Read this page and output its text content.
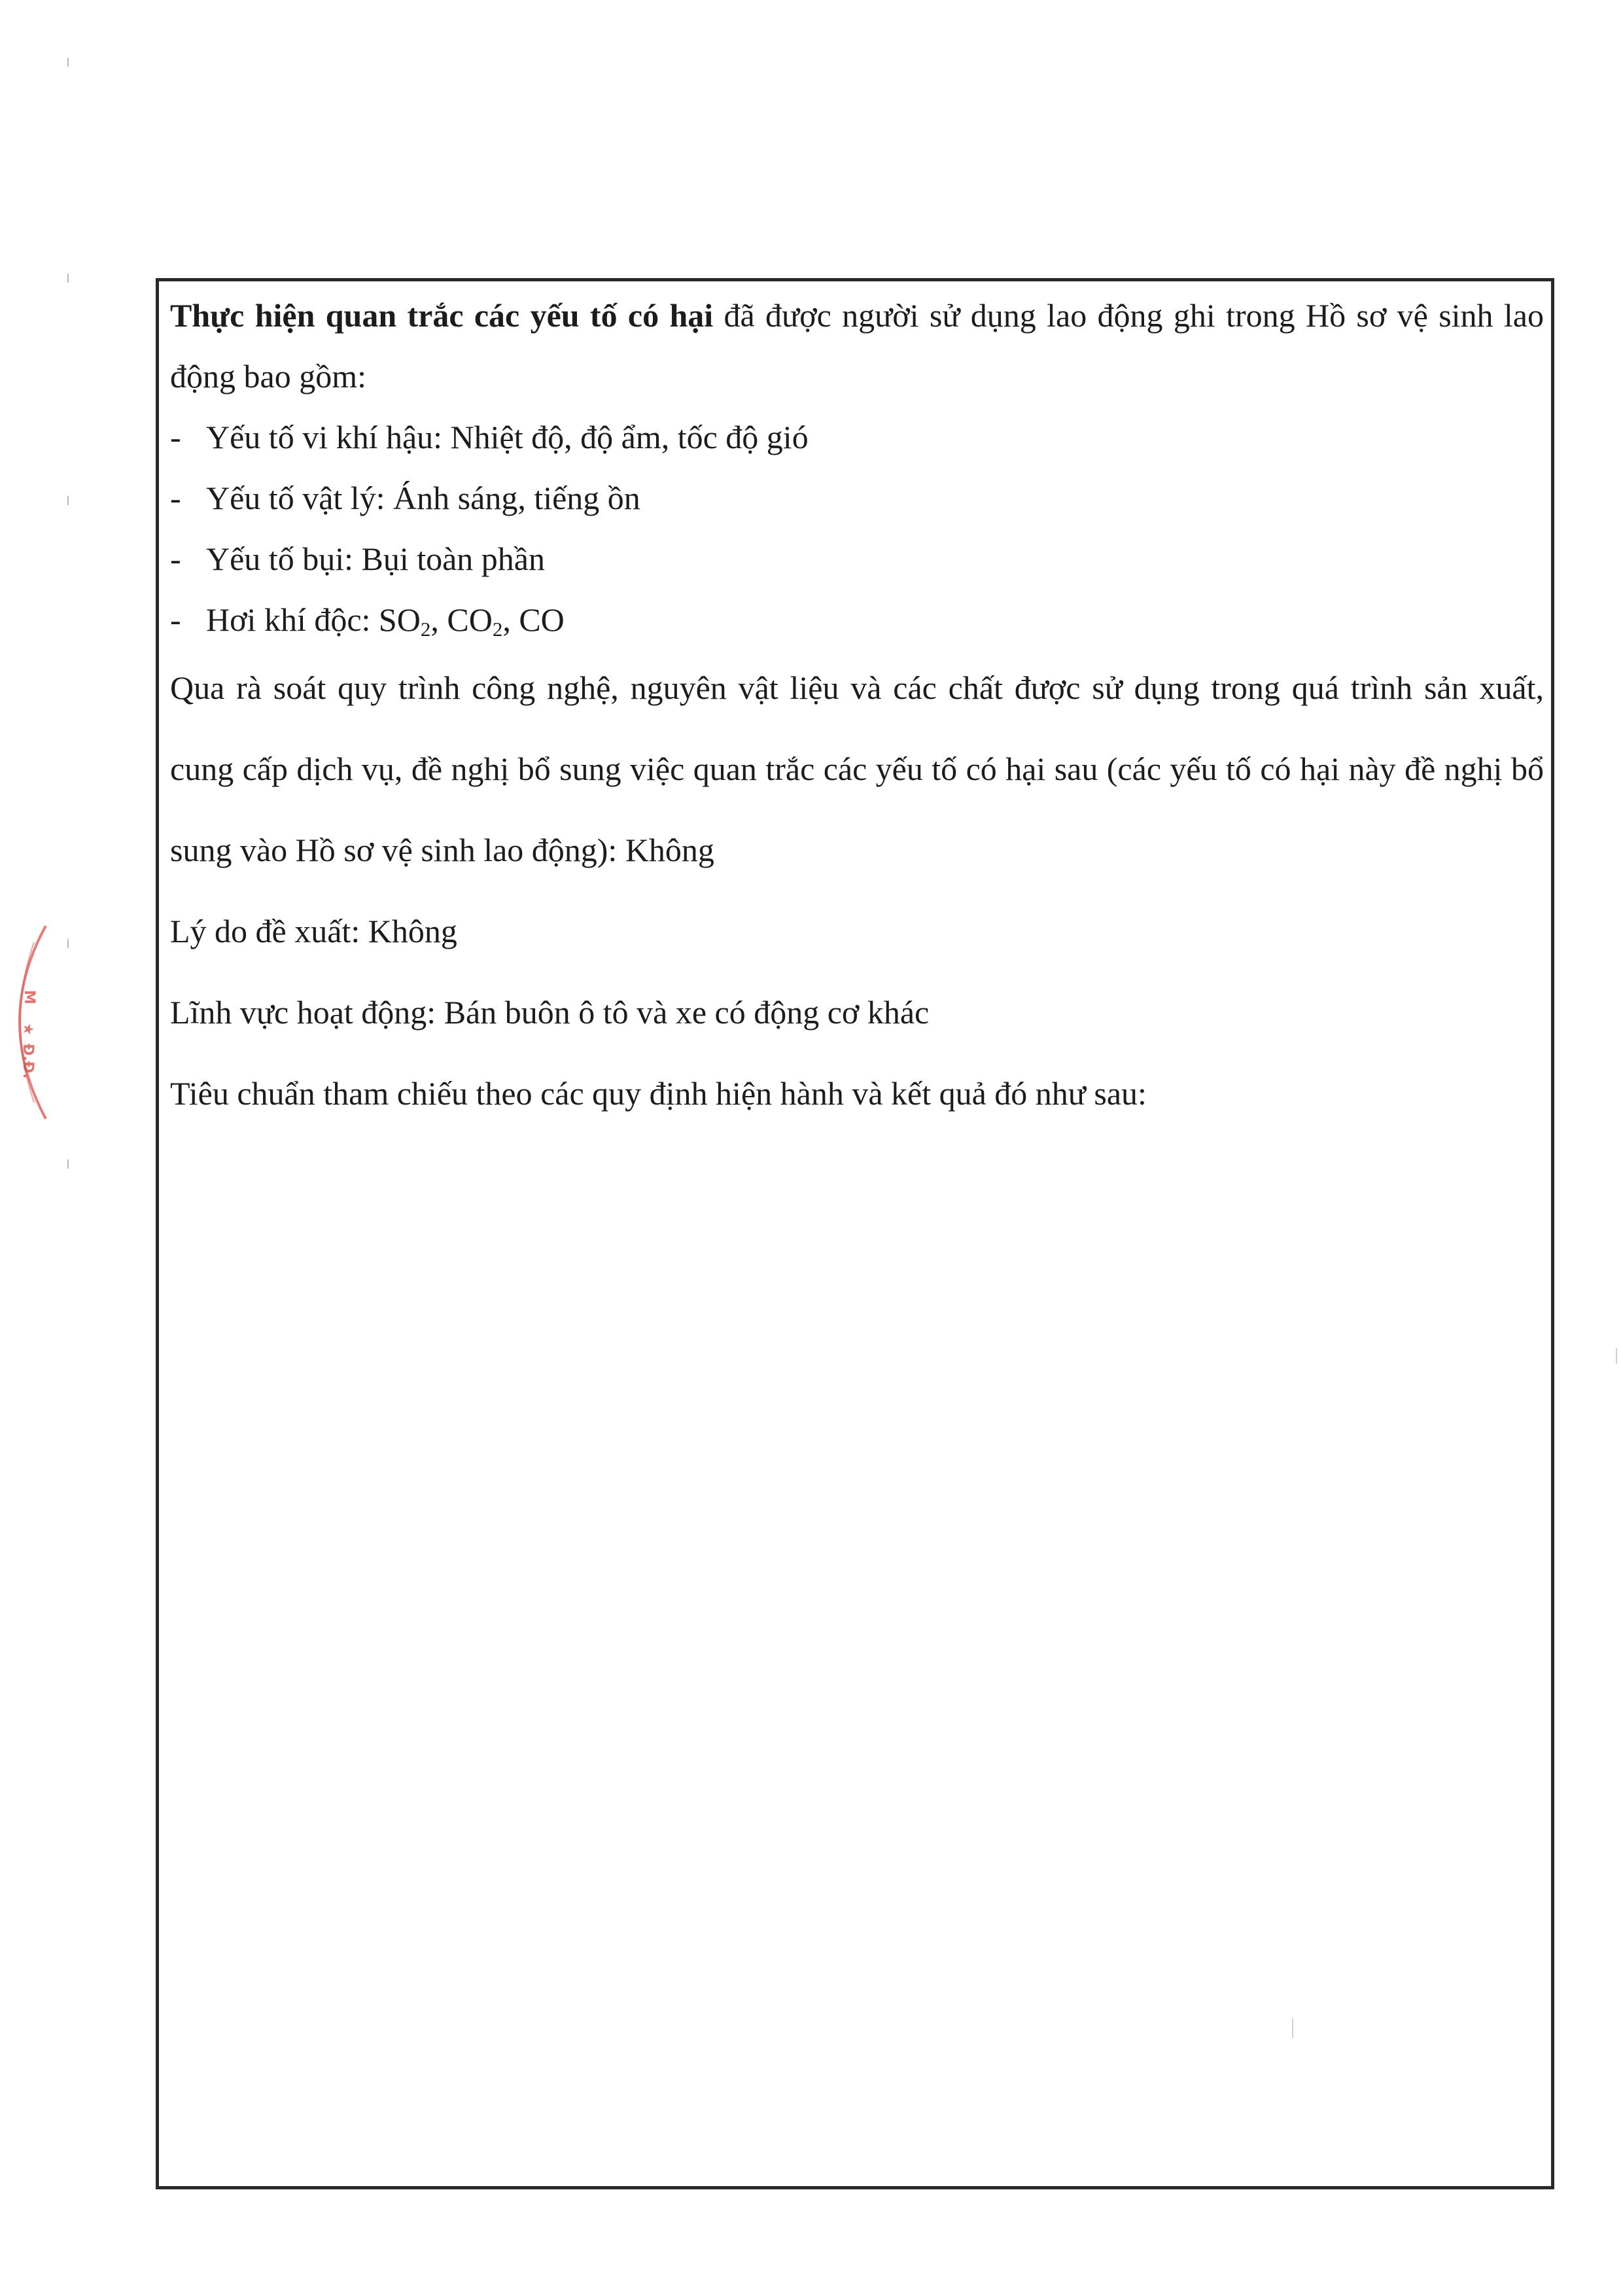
M
★
Đ.Đ.

Thực hiện quan trắc các yếu tố có hại đã được người sử dụng lao động ghi trong Hồ sơ vệ sinh lao động bao gồm:

- Yếu tố vi khí hậu: Nhiệt độ, độ ẩm, tốc độ gió
- Yếu tố vật lý: Ánh sáng, tiếng ồn
- Yếu tố bụi: Bụi toàn phần
- Hơi khí độc: $SO_2$, $CO_2$, CO

Qua rà soát quy trình công nghệ, nguyên vật liệu và các chất được sử dụng trong quá trình sản xuất, cung cấp dịch vụ, đề nghị bổ sung việc quan trắc các yếu tố có hại sau (các yếu tố có hại này đề nghị bổ sung vào Hồ sơ vệ sinh lao động): Không

Lý do đề xuất: Không
Lĩnh vực hoạt động: Bán buôn ô tô và xe có động cơ khác
Tiêu chuẩn tham chiếu theo các quy định hiện hành và kết quả đó như sau:
